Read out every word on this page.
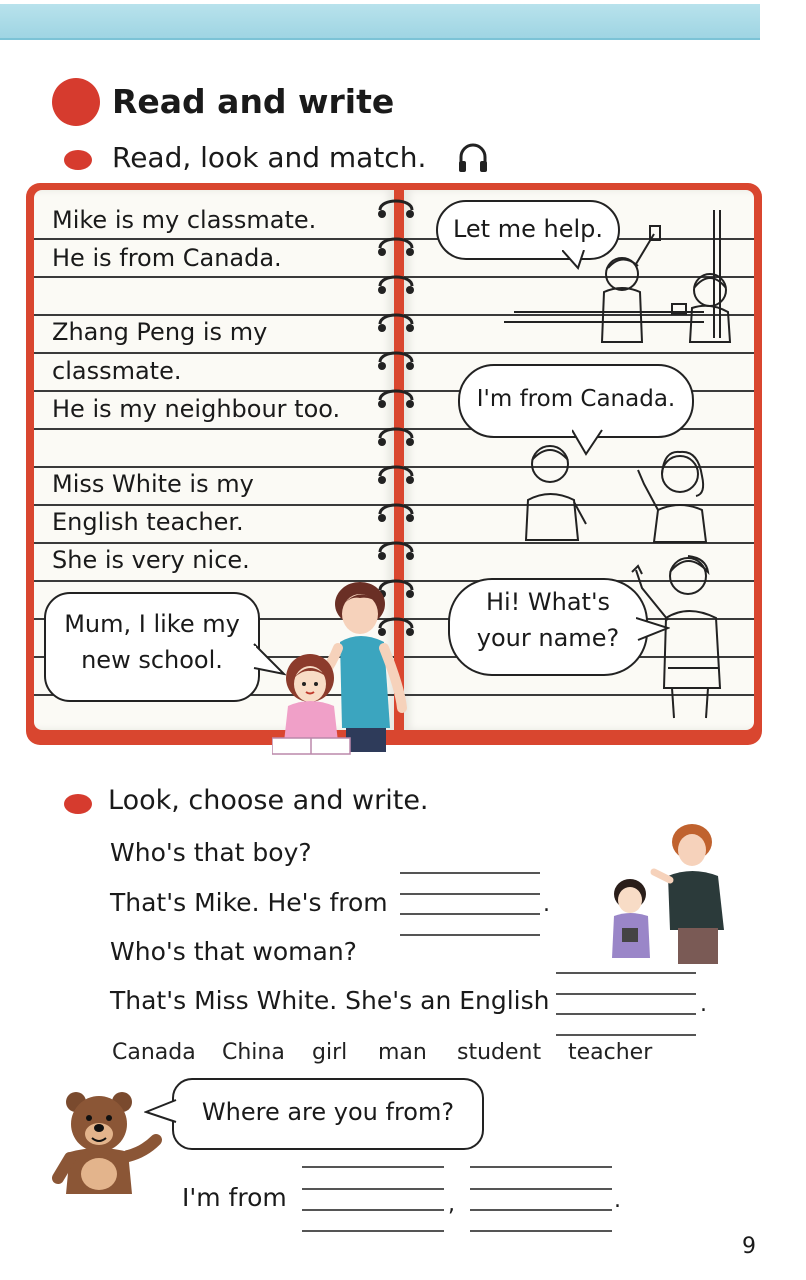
Read and write
Read, look and match.
Mike is my classmate.
He is from Canada.
Zhang Peng is my
classmate.
He is my neighbour too.
Miss White is my
English teacher.
She is very nice.
Mum, I like my
new school.
Let me help.
I'm from Canada.
Hi! What's
your name?
Look, choose and write.
Who's that boy?
That's Mike. He's from
Who's that woman?
That's Miss White. She's an English
.
.
Canada China girl man student teacher
Where are you from?
I'm from	,	.
9
